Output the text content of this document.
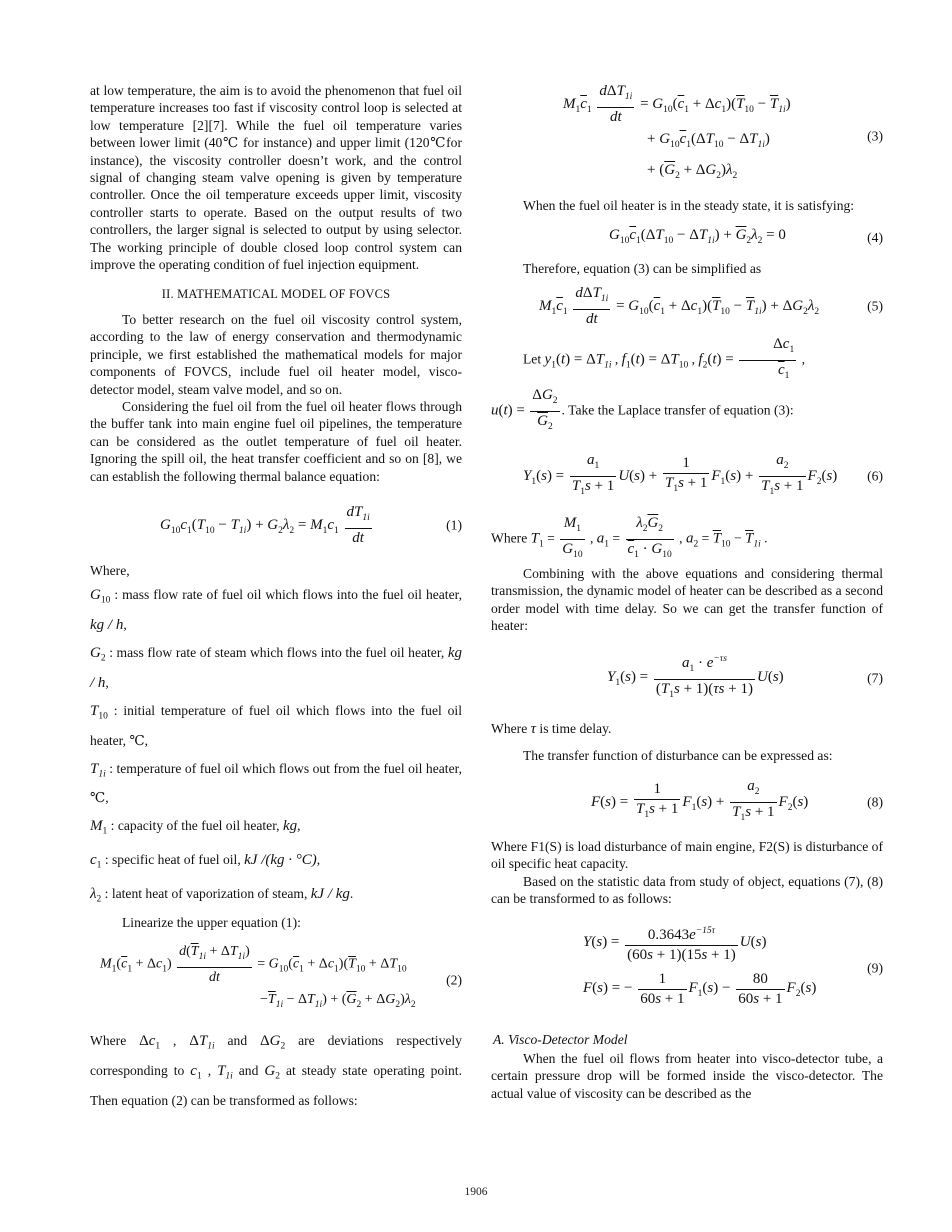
at low temperature, the aim is to avoid the phenomenon that fuel oil temperature increases too fast if viscosity control loop is selected at low temperature [2][7]. While the fuel oil temperature varies between lower limit (40℃ for instance) and upper limit (120℃for instance), the viscosity controller doesn’t work, and the control signal of changing steam valve opening is given by temperature controller. Once the oil temperature exceeds upper limit, viscosity controller starts to operate. Based on the output results of two controllers, the larger signal is selected to output by using selector. The working principle of double closed loop control system can improve the operating condition of fuel injection equipment.

II. MATHEMATICAL MODEL OF FOVCS

To better research on the fuel oil viscosity control system, according to the law of energy conservation and thermodynamic principle, we first established the mathematical models for major components of FOVCS, include fuel oil heater model, visco-detector model, steam valve model, and so on.

Considering the fuel oil from the fuel oil heater flows through the buffer tank into main engine fuel oil pipelines, the temperature can be considered as the outlet temperature of fuel oil heater. Ignoring the spill oil, the heat transfer coefficient and so on [8], we can establish the following thermal balance equation:

$G_{10}c_1(T_{10} - T_{1i}) + G_2\lambda_2 = M_1c_1 \frac{dT_{1i}}{dt}$	(1)

Where,

$G_{10}$ : mass flow rate of fuel oil which flows into the fuel oil heater, kg / h,

$G_2$ : mass flow rate of steam which flows into the fuel oil heater, kg / h,

$T_{10}$ : initial temperature of fuel oil which flows into the fuel oil heater, ℃,

$T_{1i}$ : temperature of fuel oil which flows out from the fuel oil heater, ℃,

$M_1$ : capacity of the fuel oil heater, kg,

$c_1$ : specific heat of fuel oil, kJ /(kg · °C),

$\lambda_2$ : latent heat of vaporization of steam, kJ / kg.

Linearize the upper equation (1):

$M_1(\overline{c}_1 + \Delta c_1) \frac{d(\overline{T}_{1i} + \Delta T_{1i})}{dt} = G_{10}(\overline{c}_1 + \Delta c_1)(\overline{T}_{10} + \Delta T_{10}$
$-\overline{T}_{1i} - \Delta T_{1i}) + (\overline{G}_2 + \Delta G_2)\lambda_2$
(2)

Where $\Delta c_1$ , $\Delta T_{1i}$ and $\Delta G_2$ are deviations respectively corresponding to $c_1$ , $T_{1i}$ and $G_2$ at steady state operating point. Then equation (2) can be transformed as follows:

$M_1\overline{c}_1 \frac{d\Delta T_{1i}}{dt} = G_{10}(\overline{c}_1 + \Delta c_1)(\overline{T}_{10} - \overline{T}_{1i})$
+ $G_{10}\overline{c}_1(\Delta T_{10} - \Delta T_{1i})$
+ $(\overline{G}_2 + \Delta G_2)\lambda_2$
(3)

When the fuel oil heater is in the steady state, it is satisfying:

$G_{10}\overline{c}_1(\Delta T_{10} - \Delta T_{1i}) + \overline{G}_2\lambda_2 = 0$	(4)

Therefore, equation (3) can be simplified as

$M_1\overline{c}_1 \frac{d\Delta T_{1i}}{dt} = G_{10}(\overline{c}_1 + \Delta c_1)(\overline{T}_{10} - \overline{T}_{1i}) + \Delta G_2\lambda_2$	(5)

Let $y_1(t) = \Delta T_{1i}$ , $f_1(t) = \Delta T_{10}$ , $f_2(t) = \frac{\Delta c_1}{\overline{c}_1}$ ,

$u(t) = \frac{\Delta G_2}{\overline{G}_2}$ . Take the Laplace transfer of equation (3):

$Y_1(s) = \frac{a_1}{T_1s + 1} U(s) + \frac{1}{T_1s + 1} F_1(s) + \frac{a_2}{T_1s + 1} F_2(s)$ (6)

Where $T_1 = \frac{M_1}{G_{10}}$ , $a_1 = \frac{\lambda_2\overline{G}_2}{\overline{c}_1 \cdot G_{10}}$ , $a_2 = \overline{T}_{10} - \overline{T}_{1i}$ .

Combining with the above equations and considering thermal transmission, the dynamic model of heater can be described as a second order model with time delay. So we can get the transfer function of heater:

$Y_1(s) = \frac{a_1 \cdot e^{-\tau s}}{(T_1s + 1)(\tau s + 1)} U(s)$	(7)

Where τ is time delay.

The transfer function of disturbance can be expressed as:

$F(s) = \frac{1}{T_1s + 1} F_1(s) + \frac{a_2}{T_1s + 1} F_2(s)$	(8)

Where F1(S) is load disturbance of main engine, F2(S) is disturbance of oil specific heat capacity.

Based on the statistic data from study of object, equations (7), (8) can be transformed to as follows:

$Y(s) = \frac{0.3643e^{-15\tau}}{(60s + 1)(15s + 1)} U(s)$
F(s) = − $\frac{1}{60s + 1} F_1(s) - \frac{80}{60s + 1} F_2(s)$
(9)

A. Visco-Detector Model

When the fuel oil flows from heater into visco-detector tube, a certain pressure drop will be formed inside the visco-detector. The actual value of viscosity can be described as the

1906
